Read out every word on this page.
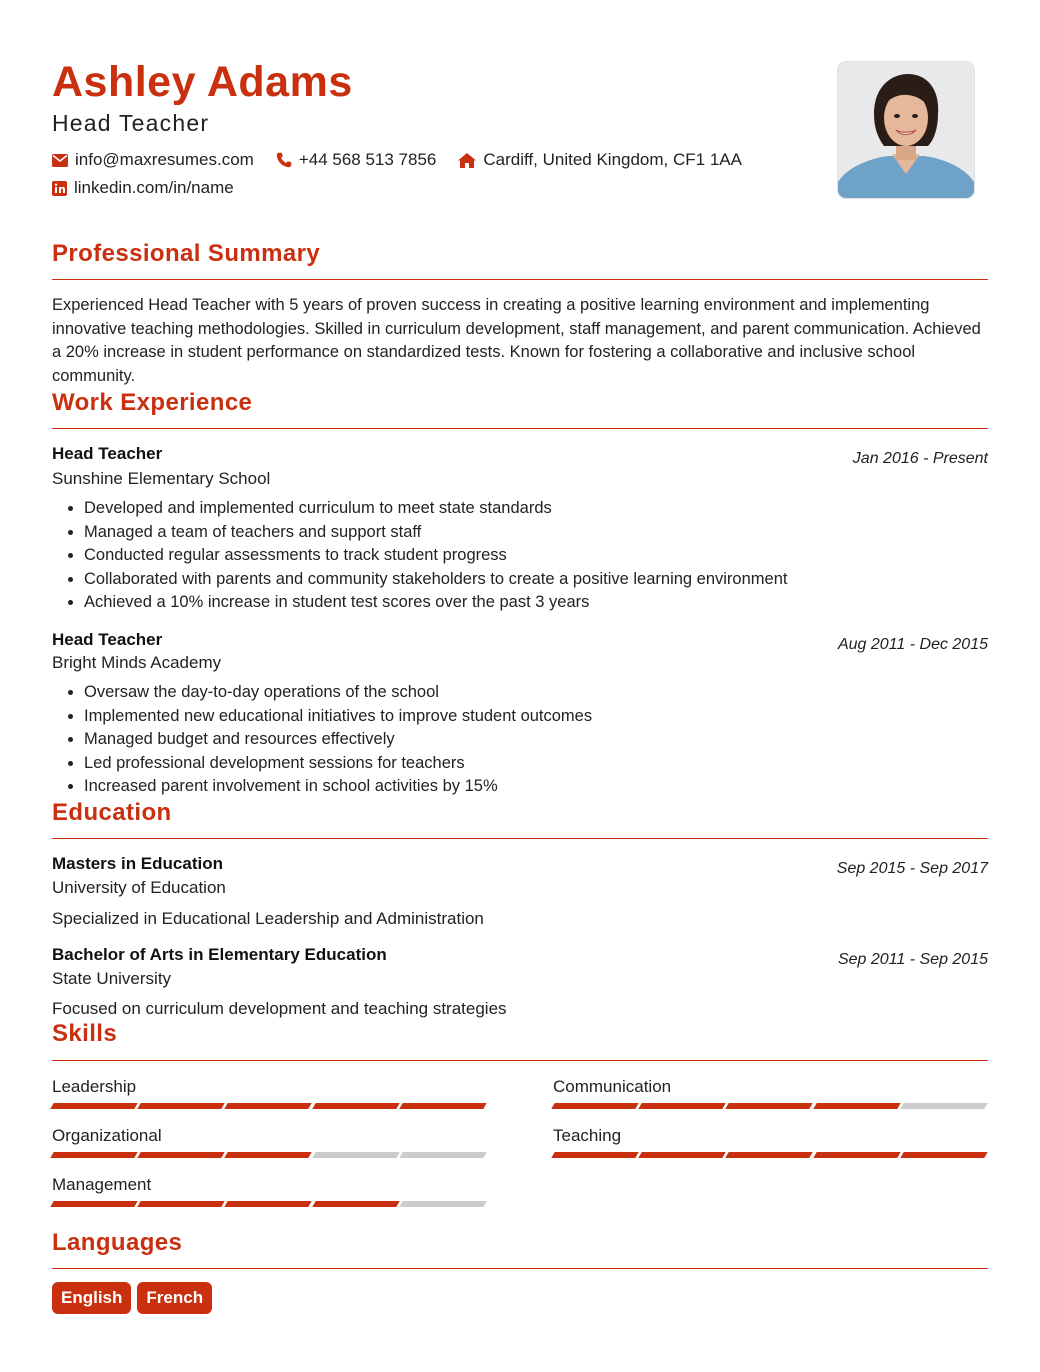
Ashley Adams
Head Teacher
info@maxresumes.com	+44 568 513 7856	Cardiff, United Kingdom, CF1 1AA
linkedin.com/in/name
Professional Summary
Experienced Head Teacher with 5 years of proven success in creating a positive learning environment and implementing innovative teaching methodologies. Skilled in curriculum development, staff management, and parent communication. Achieved a 20% increase in student performance on standardized tests. Known for fostering a collaborative and inclusive school community.
Work Experience
Head Teacher	Jan 2016 - Present
Sunshine Elementary School
• Developed and implemented curriculum to meet state standards
• Managed a team of teachers and support staff
• Conducted regular assessments to track student progress
• Collaborated with parents and community stakeholders to create a positive learning environment
• Achieved a 10% increase in student test scores over the past 3 years
Head Teacher	Aug 2011 - Dec 2015
Bright Minds Academy
• Oversaw the day-to-day operations of the school
• Implemented new educational initiatives to improve student outcomes
• Managed budget and resources effectively
• Led professional development sessions for teachers
• Increased parent involvement in school activities by 15%
Education
Masters in Education	Sep 2015 - Sep 2017
University of Education
Specialized in Educational Leadership and Administration
Bachelor of Arts in Elementary Education	Sep 2011 - Sep 2015
State University
Focused on curriculum development and teaching strategies
Skills
Leadership	Communication
Organizational	Teaching
Management
Languages
English	French
